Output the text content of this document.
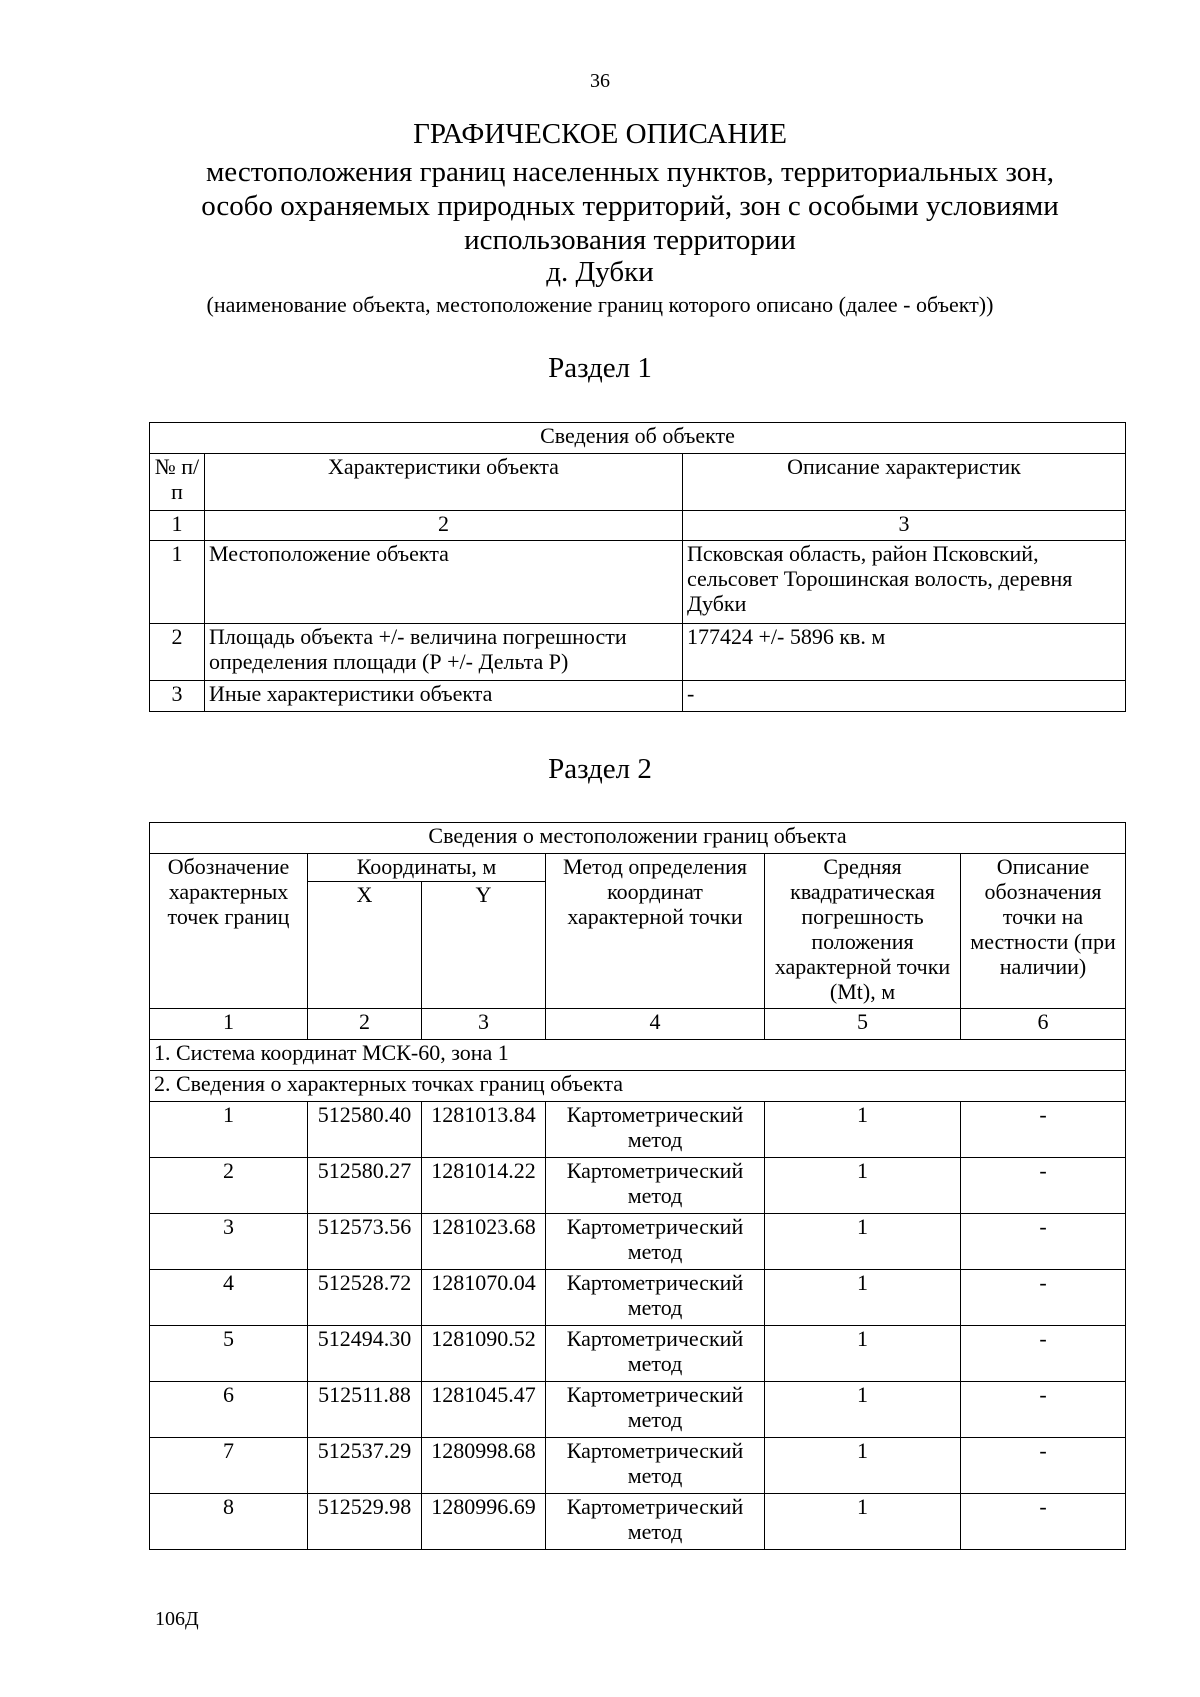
36
ГРАФИЧЕСКОЕ ОПИСАНИЕ
местоположения границ населенных пунктов, территориальных зон,
особо охраняемых природных территорий, зон с особыми условиями
использования территории
д. Дубки
(наименование объекта, местоположение границ которого описано (далее - объект))
Раздел 1
Сведения об объекте		
№ п/п	Характеристики объекта	Описание характеристик
1	2	3
1	Местоположение объекта	Псковская область, район Псковский, сельсовет Торошинская волость, деревня Дубки
2	Площадь объекта +/- величина погрешности определения площади (Р +/- Дельта Р)	177424 +/- 5896 кв. м
3	Иные характеристики объекта	-
Раздел 2
Сведения о местоположении границ объекта					
Обозначение характерных точек границ	Координаты, м		Метод определения координат характерной точки	Средняя квадратическая погрешность положения характерной точки (Mt), м	Описание обозначения точки на местности (при наличии)
	X	Y			
1	2	3	4	5	6
1. Система координат МСК-60, зона 1					
2. Сведения о характерных точках границ объекта					
1	512580.40	1281013.84	Картометрический метод	1	-
2	512580.27	1281014.22	Картометрический метод	1	-
3	512573.56	1281023.68	Картометрический метод	1	-
4	512528.72	1281070.04	Картометрический метод	1	-
5	512494.30	1281090.52	Картометрический метод	1	-
6	512511.88	1281045.47	Картометрический метод	1	-
7	512537.29	1280998.68	Картометрический метод	1	-
8	512529.98	1280996.69	Картометрический метод	1	-
106Д
